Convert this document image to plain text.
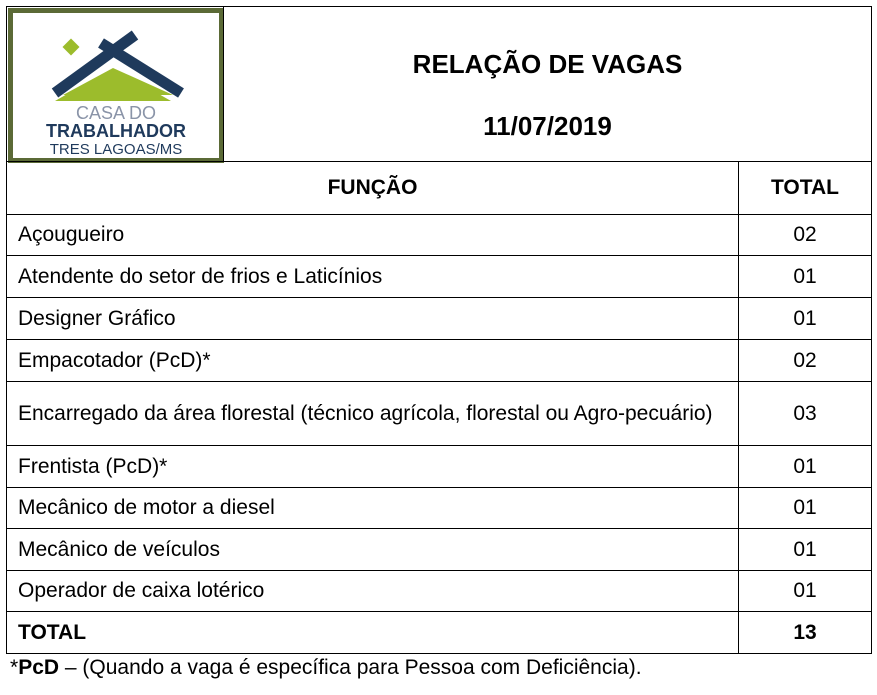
CASA DO
TRABALHADOR
TRES LAGOAS/MS
RELAÇÃO DE VAGAS
11/07/2019
FUNÇÃO	TOTAL
Açougueiro	02
Atendente do setor de frios e Laticínios	01
Designer Gráfico	01
Empacotador (PcD)*	02
Encarregado da área florestal (técnico agrícola, florestal ou Agro-pecuário)	03
Frentista (PcD)*	01
Mecânico de motor a diesel	01
Mecânico de veículos	01
Operador de caixa lotérico	01
TOTAL	13
*PcD – (Quando a vaga é específica para Pessoa com Deficiência).
